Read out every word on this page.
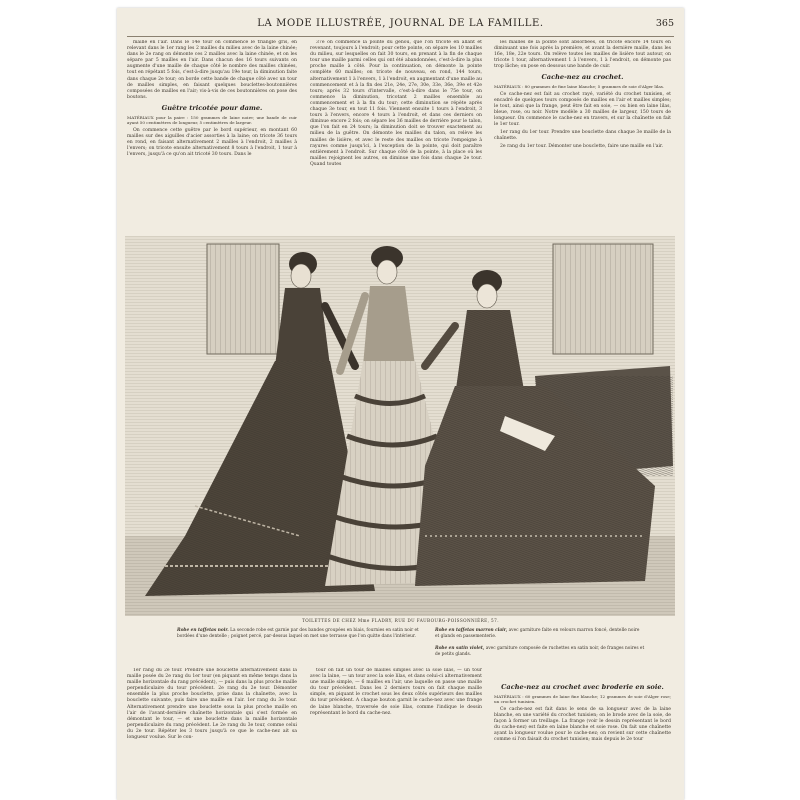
LA MODE ILLUSTRÉE, JOURNAL DE LA FAMILLE.	365

maille en l'air. Dans le 14e tour on commence le triangle gris, en relevant dans le 1er rang les 2 mailles du milieu avec de la laine chinée; dans le 2e rang on démonte ces 2 mailles avec la laine chinée, et on les sépare par 5 mailles en l'air. Dans chacun des 16 tours suivants on augmente d'une maille de chaque côté le nombre des mailles chinées, tout en répétant 5 fois, c'est-à-dire jusqu'au 19e tour, la diminution faite dans chaque 2e tour; on borde cette bande de chaque côté avec un tour de mailles simples, en faisant quelques bouclettes-boutonnières composées de mailles en l'air; vis-à-vis de ces boutonnières on pose des boutons.

Guêtre tricotée pour dame.
MATÉRIAUX pour la paire : 150 grammes de laine noire; une bande de cuir ayant 50 centimètres de longueur, 5 centimètres de largeur.

On commence cette guêtre par le bord supérieur, en montant 60 mailles sur des aiguilles d'acier assorties à la laine; on tricote 36 tours en rond, en faisant alternativement 2 mailles à l'endroit, 2 mailles à l'envers; on tricote ensuite alternativement 8 tours à l'endroit, 1 tour à l'envers, jusqu'à ce qu'on ait tricoté 30 tours. Dans le

37e on commence la pointe du genou, que l'on tricote en allant et revenant, toujours à l'endroit; pour cette pointe, on sépare les 10 mailles du milieu, sur lesquelles on fait 30 tours, en prenant à la fin de chaque tour une maille parmi celles qui ont été abandonnées, c'est-à-dire la plus proche maille à côté. Pour la continuation, on démonte la pointe complète 60 mailles; on tricote de nouveau, en rond, 144 tours, alternativement 1 à l'envers, 1 à l'endroit, en augmentant d'une maille au commencement et à la fin des 21e, 24e, 27e, 30e, 33e, 36e, 39e et 42e tours; après 32 tours d'intervalle, c'est-à-dire dans le 75e tour, on commence la diminution, tricotant 2 mailles ensemble au commencement et à la fin du tour; cette diminution se répète après chaque 3e tour, en tout 11 fois. Viennent ensuite 1 tours à l'endroit, 3 tours à l'envers, encore 4 tours à l'endroit, et dans ces derniers on diminue encore 2 fois; on sépare les 36 mailles de derrière pour le talon, que l'on fait en 24 tours; la diminution doit se trouver exactement au milieu de la guêtre. On démonte les mailles du talon, on relève les mailles de lisière, et avec le reste des mailles on tricote l'empeigne à rayures comme jusqu'ici, à l'exception de la pointe, qui doit paraître entièrement à l'endroit. Sur chaque côté de la pointe, à la place où les mailles rejoignent les autres, on diminue une fois dans chaque 2e tour. Quand toutes

les mailles de la pointe sont absorbées, on tricote encore 14 tours en diminuant une fois après la première, et avant la dernière maille, dans les 16e, 18e, 22e tours. On relève toutes les mailles de lisière tout autour, on tricote 1 tour, alternativement 1 à l'envers, 1 à l'endroit, on démonte pas trop lâche; on pose en dessous une bande de cuir.

Cache-nez au crochet.
MATÉRIAUX : 80 grammes de fine laine blanche; 5 grammes de soie d'Alger lilas.

Ce cache-nez est fait au crochet rayé, variété du crochet tunisien, et encadré de quelques tours composés de mailles en l'air et mailles simples; le tout, ainsi que la frange, peut être fait en soie, — ou bien en laine lilas, bleue, rose, ou noir. Notre modèle a 30 mailles de largeur, 150 tours de longueur. On commence le cache-nez en travers, et sur la chaînette on fait le 1er tour.

1er rang du 1er tour. Prendre une bouclette dans chaque 3e maille de la chaînette.

2e rang du 1er tour. Démonter une bouclette, faire une maille en l'air.

TOILETTES DE CHEZ Mme FLADRY, RUE DU FAUBOURG-POISSONNIÈRE, 57.
Robe en taffetas noir. La seconde robe est garnie par des bandes groupées en biais, fournies en satin noir et bordées d'une dentelle ; poignet percé, par-dessus laquel on met une terrasse que l'on quitte dans l'intérieur.
Robe en taffetas marron clair, avec garniture faite en velours marron foncé, dentelle noire et glands en passementerie.
Robe en satin violet, avec garniture composée de ruchettes en satin noir, de franges noires et de petits glands.

1er rang du 2e tour. Prendre une bouclette alternativement dans la maille posée du 2e rang du 1er tour (en piquant en même temps dans la maille horizontale du rang précédent), — puis dans la plus proche maille perpendiculaire du tour précédent. 2e rang du 2e tour. Démonter ensemble la plus proche bouclette, prise dans la chaînette, avec la bouclette suivante, puis faire une maille en l'air. 1er rang du 3e tour. Alternativement prendre une bouclette sous la plus proche maille en l'air de l'avant-dernière chaînette horizontale qui s'est formée en démontant le tour, — et une bouclette dans la maille horizontale perpendiculaire du rang précédent. Le 2e rang du 3e tour, comme celui du 2e tour. Répéter les 3 tours jusqu'à ce que le cache-nez ait sa longueur voulue. Sur le con-

tour on fait un tour de mailles simples avec la soie lilas, — un tour avec la laine, — un tour avec la soie lilas, et dans celui-ci alternativement une maille simple, — 6 mailles en l'air, une laquelle on passe une maille du tour précédent. Dans les 2 derniers tours on fait chaque maille simple, en piquant le crochet sous les deux côtés supérieurs des mailles du tour précédent. A chaque bouton garnit le cache-nez avec une frange de laine blanche, traversée de soie lilas, comme l'indique le dessin représentant le bord du cache-nez.

Cache-nez au crochet avec broderie en soie.
MATÉRIAUX : 60 grammes de laine fine blanche; 12 grammes de soie d'Alger rose; un crochet tunisien.

Ce cache-nez est fait dans le sens de sa longueur avec de la laine blanche, en une variété du crochet tunisien; on le brode avec de la soie, de façon à former un treillage. La frange (voir le dessin représentant le bord du cache-nez) est faite en laine blanche et soie rose. On fait une chaînette ayant la longueur voulue pour le cache-nez; on revient sur cette chaînette comme si l'on faisait du crochet tunisien; mais depuis le 2e tour
